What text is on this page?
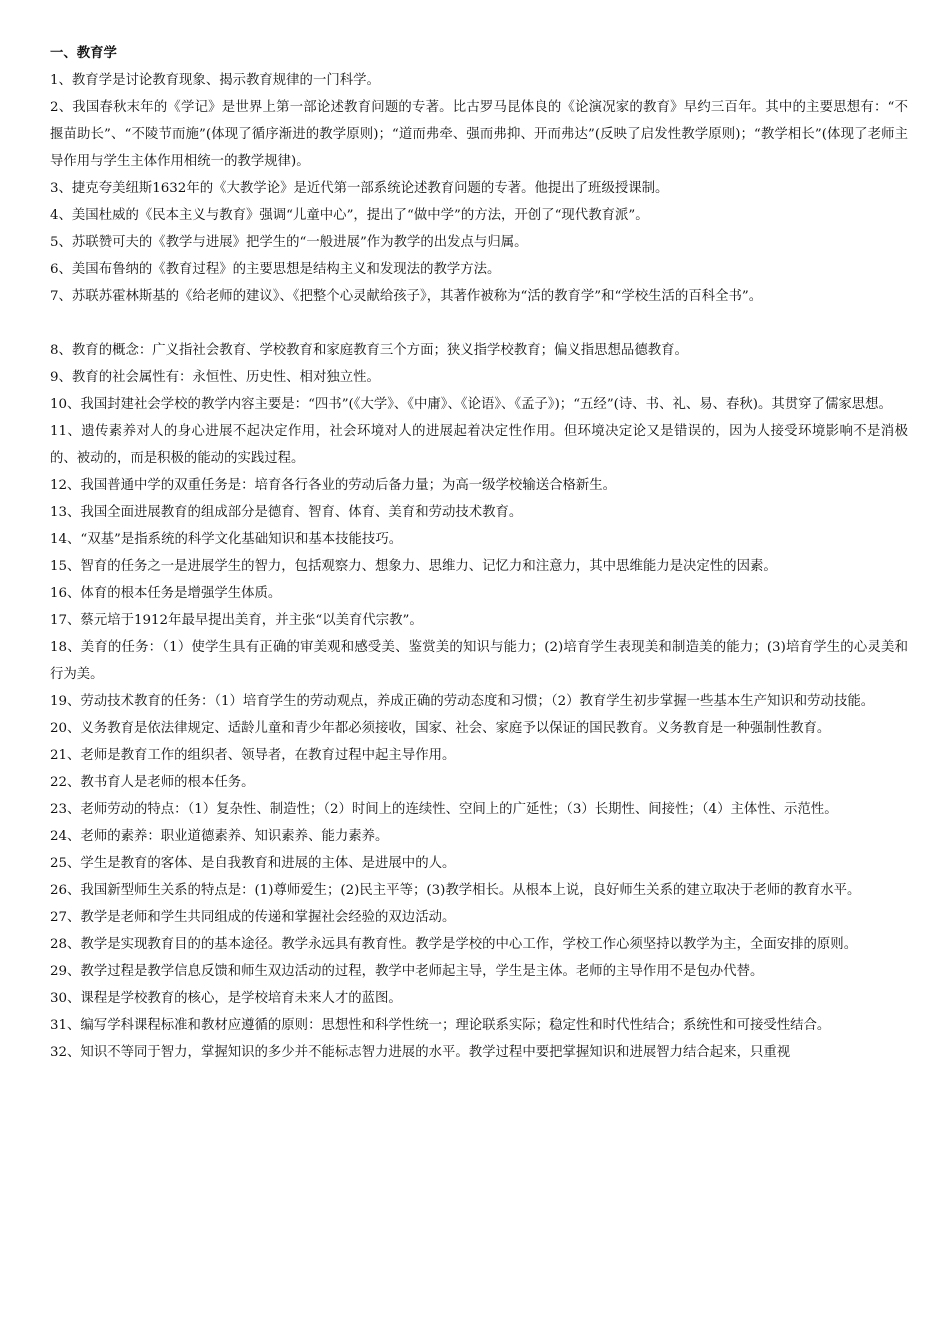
一、教育学
1、教育学是讨论教育现象、揭示教育规律的一门科学。
2、我国春秋末年的《学记》是世界上第一部论述教育问题的专著。比古罗马昆体良的《论演况家的教育》早约三百年。其中的主要思想有：“不揠苗助长”、“不陵节而施”(体现了循序渐进的教学原则)；“道而弗牵、强而弗抑、开而弗达”(反映了启发性教学原则)；“教学相长”(体现了老师主导作用与学生主体作用相统一的教学规律)。
3、捷克夸美纽斯1632年的《大教学论》是近代第一部系统论述教育问题的专著。他提出了班级授课制。
4、美国杜威的《民本主义与教育》强调“儿童中心”，提出了“做中学”的方法，开创了“现代教育派”。
5、苏联赞可夫的《教学与进展》把学生的“一般进展”作为教学的出发点与归属。
6、美国布鲁纳的《教育过程》的主要思想是结构主义和发现法的教学方法。
7、苏联苏霍林斯基的《给老师的建议》、《把整个心灵献给孩子》，其著作被称为“活的教育学”和“学校生活的百科全书”。
8、教育的概念：广义指社会教育、学校教育和家庭教育三个方面；狭义指学校教育；偏义指思想品德教育。
9、教育的社会属性有：永恒性、历史性、相对独立性。
10、我国封建社会学校的教学内容主要是：“四书”(《大学》、《中庸》、《论语》、《孟子》)；“五经”(诗、书、礼、易、春秋)。其贯穿了儒家思想。
11、遗传素养对人的身心进展不起决定作用，社会环境对人的进展起着决定性作用。但环境决定论又是错误的，因为人接受环境影响不是消极的、被动的，而是积极的能动的实践过程。
12、我国普通中学的双重任务是：培育各行各业的劳动后备力量；为高一级学校输送合格新生。
13、我国全面进展教育的组成部分是德育、智育、体育、美育和劳动技术教育。
14、“双基”是指系统的科学文化基础知识和基本技能技巧。
15、智育的任务之一是进展学生的智力，包括观察力、想象力、思维力、记忆力和注意力，其中思维能力是决定性的因素。
16、体育的根本任务是增强学生体质。
17、蔡元培于1912年最早提出美育，并主张“以美育代宗教”。
18、美育的任务：（1）使学生具有正确的审美观和感受美、鉴赏美的知识与能力；(2)培育学生表现美和制造美的能力；(3)培育学生的心灵美和行为美。
19、劳动技术教育的任务：（1）培育学生的劳动观点，养成正确的劳动态度和习惯；（2）教育学生初步掌握一些基本生产知识和劳动技能。
20、义务教育是依法律规定、适龄儿童和青少年都必须接收，国家、社会、家庭予以保证的国民教育。义务教育是一种强制性教育。
21、老师是教育工作的组织者、领导者，在教育过程中起主导作用。
22、教书育人是老师的根本任务。
23、老师劳动的特点：（1）复杂性、制造性；（2）时间上的连续性、空间上的广延性；（3）长期性、间接性；（4）主体性、示范性。
24、老师的素养：职业道德素养、知识素养、能力素养。
25、学生是教育的客体、是自我教育和进展的主体、是进展中的人。
26、我国新型师生关系的特点是：(1)尊师爱生；(2)民主平等；(3)教学相长。从根本上说，良好师生关系的建立取决于老师的教育水平。
27、教学是老师和学生共同组成的传递和掌握社会经验的双边活动。
28、教学是实现教育目的的基本途径。教学永远具有教育性。教学是学校的中心工作，学校工作心须坚持以教学为主，全面安排的原则。
29、教学过程是教学信息反馈和师生双边活动的过程，教学中老师起主导，学生是主体。老师的主导作用不是包办代替。
30、课程是学校教育的核心，是学校培育未来人才的蓝图。
31、编写学科课程标准和教材应遵循的原则：思想性和科学性统一；理论联系实际；稳定性和时代性结合；系统性和可接受性结合。
32、知识不等同于智力，掌握知识的多少并不能标志智力进展的水平。教学过程中要把掌握知识和进展智力结合起来，只重视
